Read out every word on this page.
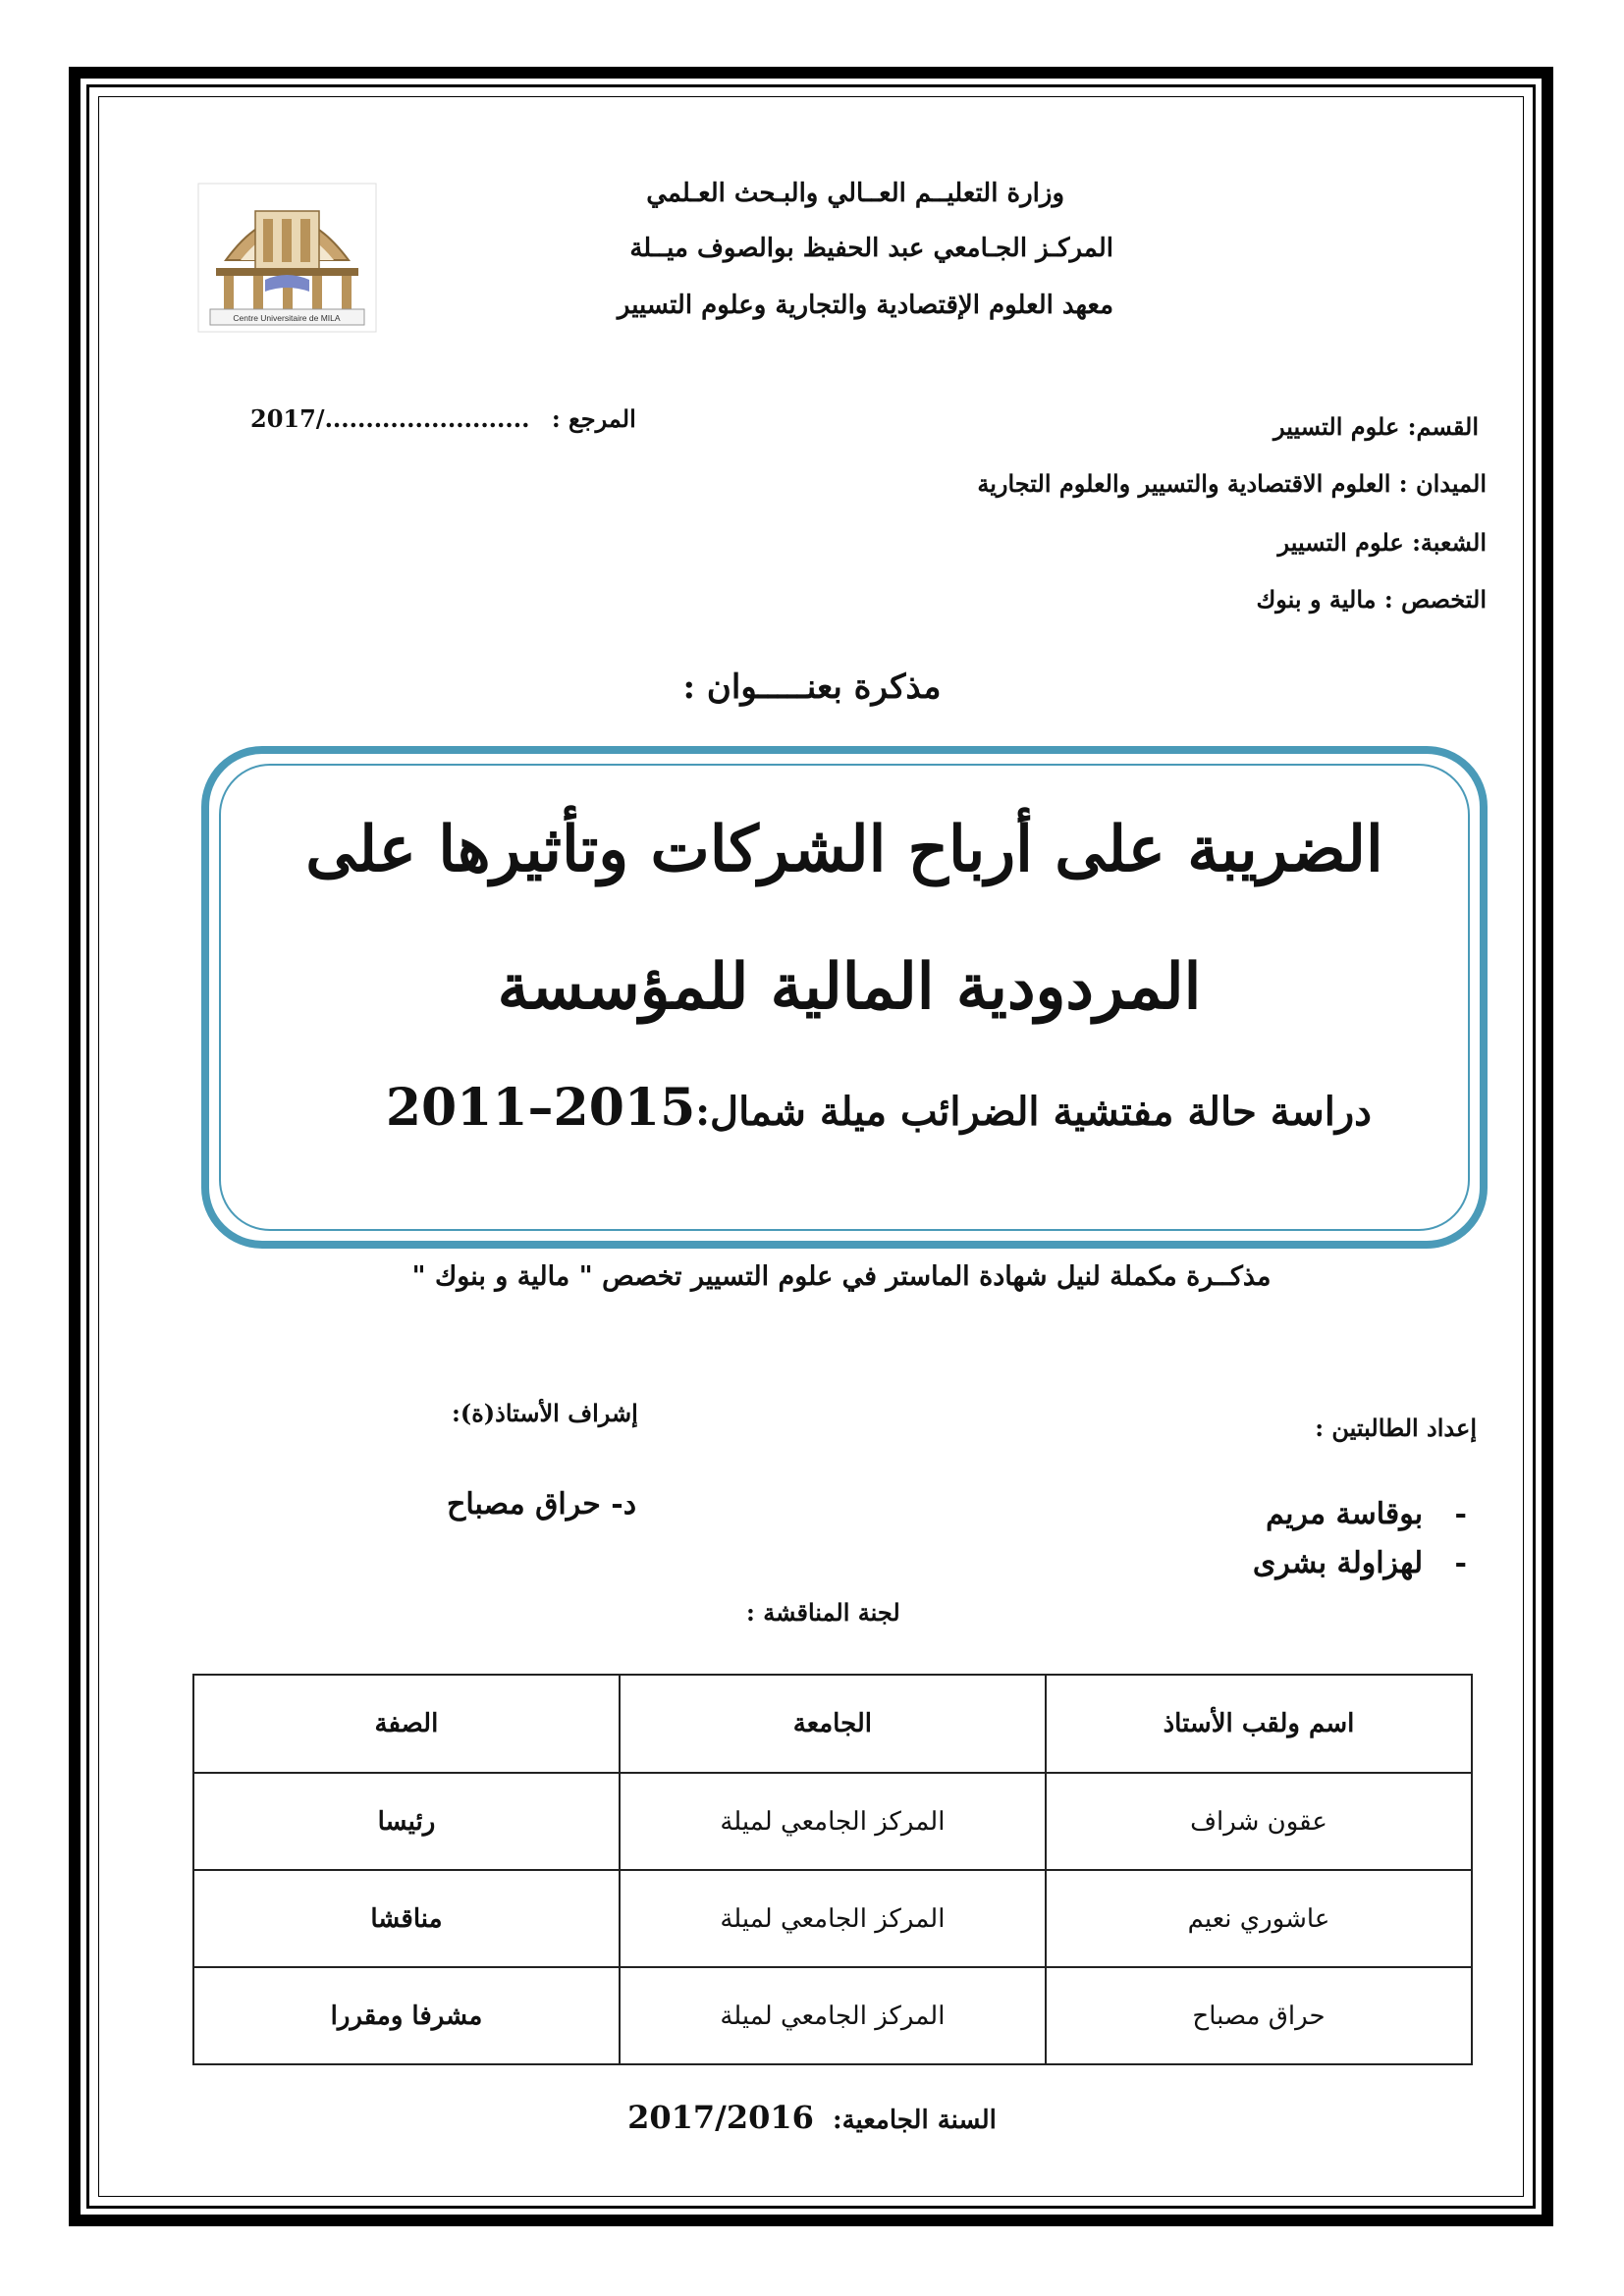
Centre Universitaire de MILA
وزارة التعليــم العــالي والبـحث العـلمي
المركـز الجـامعي عبد الحفيظ بوالصوف ميــلة
معهد العلوم الإقتصادية والتجارية وعلوم التسيير
........................./2017 المرجع :	القسم: علوم التسيير
الميدان : العلوم الاقتصادية والتسيير والعلوم التجارية
الشعبة: علوم التسيير
التخصص : مالية و بنوك
مذكرة بعنـــــوان :
الضريبة على أرباح الشركات وتأثيرها على
المردودية المالية للمؤسسة
2011–2015دراسة حالة مفتشية الضرائب ميلة شمال:
مذكــرة مكملة لنيل شهادة الماستر في علوم التسيير تخصص " مالية و بنوك "
إشراف الأستاذ(ة):
د- حراق مصباح
إعداد الطالبتين :
- بوقاسة مريم
- لهزاولة بشرى
لجنة المناقشة :
اسم ولقب الأستاذ	الجامعة	الصفة
عقون شراف	المركز الجامعي لميلة	رئيسا
عاشوري نعيم	المركز الجامعي لميلة	مناقشا
حراق مصباح	المركز الجامعي لميلة	مشرفا ومقررا
2017/2016 السنة الجامعية:
